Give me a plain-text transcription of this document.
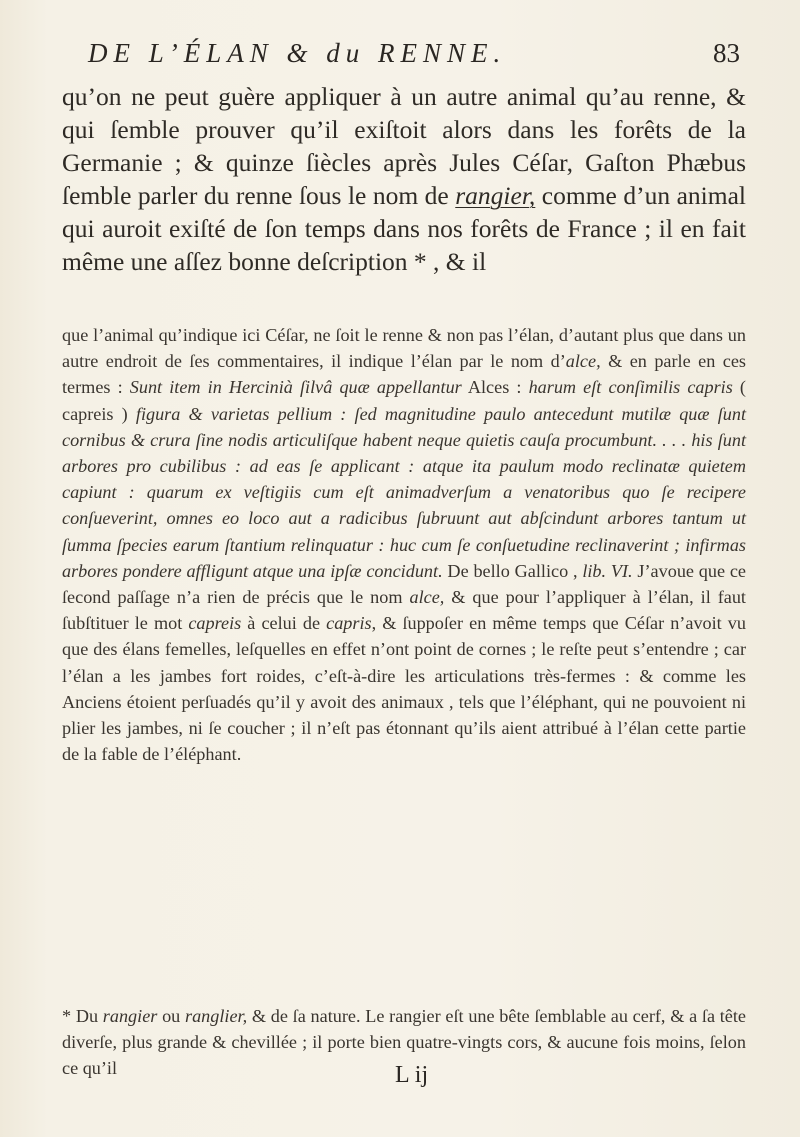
DE L’ÉLAN & du RENNE.	83
qu’on ne peut guère appliquer à un autre animal qu’au renne, & qui ſemble prouver qu’il exiſtoit alors dans les forêts de la Germanie ; & quinze ſiècles après Jules Céſar, Gaſton Phæbus ſemble parler du renne ſous le nom de rangier, comme d’un animal qui auroit exiſté de ſon temps dans nos forêts de France ; il en fait même une aſſez bonne deſcription * , & il
que l’animal qu’indique ici Céſar, ne ſoit le renne & non pas l’élan, d’autant plus que dans un autre endroit de ſes commentaires, il indique l’élan par le nom d’alce, & en parle en ces termes : Sunt item in Hercinià ſilvâ quæ appellantur Alces : harum eſt conſimilis capris ( capreis ) figura & varietas pellium : ſed magnitudine paulo antecedunt mutilæ quæ ſunt cornibus & crura ſine nodis articuliſque habent neque quietis cauſa procumbunt. . . . his ſunt arbores pro cubilibus : ad eas ſe applicant : atque ita paulum modo reclinatæ quietem capiunt : quarum ex veſtigiis cum eſt animadverſum a venatoribus quo ſe recipere conſueverint, omnes eo loco aut a radicibus ſubruunt aut abſcindunt arbores tantum ut ſumma ſpecies earum ſtantium relinquatur : huc cum ſe conſuetudine reclinaverint ; infirmas arbores pondere affligunt atque una ipſæ concidunt. De bello Gallico , lib. VI. J’avoue que ce ſecond paſſage n’a rien de précis que le nom alce, & que pour l’appliquer à l’élan, il faut ſubſtituer le mot capreis à celui de capris, & ſuppoſer en même temps que Céſar n’avoit vu que des élans femelles, leſquelles en effet n’ont point de cornes ; le reſte peut s’entendre ; car l’élan a les jambes fort roides, c’eſt-à-dire les articulations très-fermes : & comme les Anciens étoient perſuadés qu’il y avoit des animaux , tels que l’éléphant, qui ne pouvoient ni plier les jambes, ni ſe coucher ; il n’eſt pas étonnant qu’ils aient attribué à l’élan cette partie de la fable de l’éléphant.
* Du rangier ou ranglier, & de ſa nature. Le rangier eſt une bête ſemblable au cerf, & a ſa tête diverſe, plus grande & chevillée ; il porte bien quatre-vingts cors, & aucune fois moins, ſelon ce qu’il	L ij
